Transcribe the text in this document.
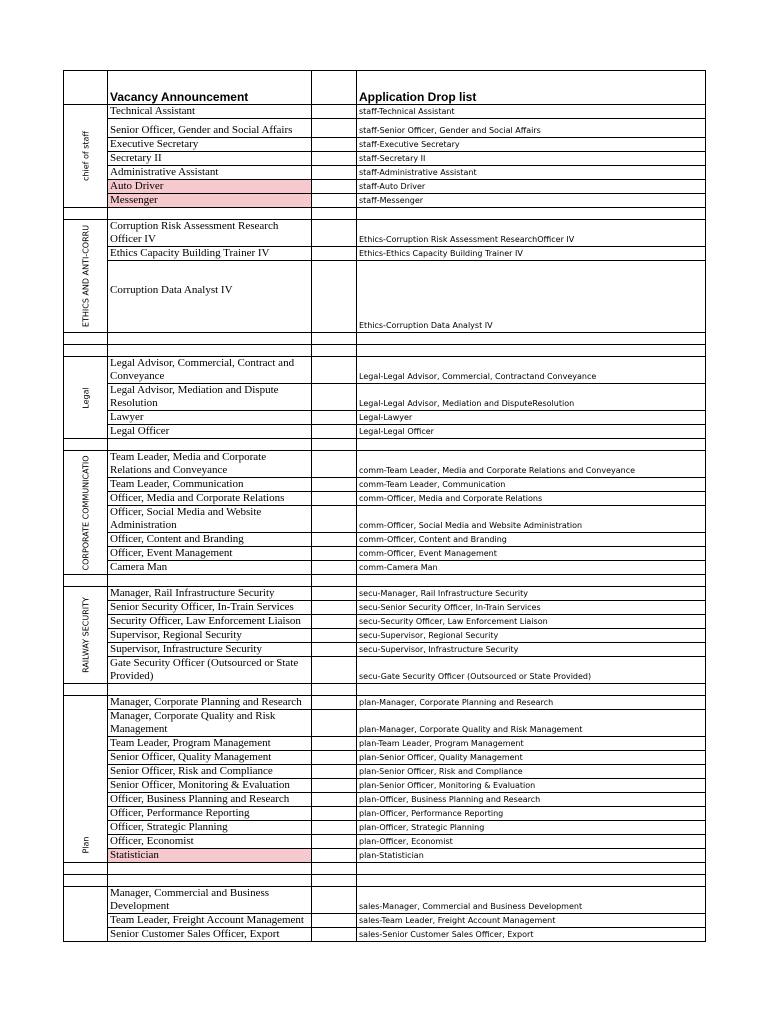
	Vacancy Announcement		Application Drop list

chief of staff	Technical Assistant		staff-Technical Assistant
	Senior Officer, Gender and Social Affairs		staff-Senior Officer, Gender and Social Affairs
	Executive Secretary		staff-Executive Secretary
	Secretary II		staff-Secretary II
	Administrative Assistant		staff-Administrative Assistant
	Auto Driver		staff-Auto Driver
	Messenger		staff-Messenger

ETHICS AND ANTI-CORRU	Corruption Risk Assessment Research Officer IV		Ethics-Corruption Risk Assessment ResearchOfficer IV
	Ethics Capacity Building Trainer IV		Ethics-Ethics Capacity Building Trainer IV
	Corruption Data Analyst IV		Ethics-Corruption Data Analyst IV

Legal	Legal Advisor, Commercial, Contract and Conveyance		Legal-Legal Advisor, Commercial, Contractand Conveyance
	Legal Advisor, Mediation and Dispute Resolution		Legal-Legal Advisor, Mediation and DisputeResolution
	Lawyer		Legal-Lawyer
	Legal Officer		Legal-Legal Officer

CORPORATE COMMUNICATIO	Team Leader, Media and Corporate Relations and Conveyance		comm-Team Leader, Media and Corporate Relations and Conveyance
	Team Leader, Communication		comm-Team Leader, Communication
	Officer, Media and Corporate Relations		comm-Officer, Media and Corporate Relations
	Officer, Social Media and Website Administration		comm-Officer, Social Media and Website Administration
	Officer, Content and Branding		comm-Officer, Content and Branding
	Officer, Event Management		comm-Officer, Event Management
	Camera Man		comm-Camera Man

RAILWAY SECURITY	Manager, Rail Infrastructure Security		secu-Manager, Rail Infrastructure Security
	Senior Security Officer, In-Train Services		secu-Senior Security Officer, In-Train Services
	Security Officer, Law Enforcement Liaison		secu-Security Officer, Law Enforcement Liaison
	Supervisor, Regional Security		secu-Supervisor, Regional Security
	Supervisor, Infrastructure Security		secu-Supervisor, Infrastructure Security
	Gate Security Officer (Outsourced or State Provided)		secu-Gate Security Officer (Outsourced or State Provided)

Plan	Manager, Corporate Planning and Research		plan-Manager, Corporate Planning and Research
	Manager, Corporate Quality and Risk Management		plan-Manager, Corporate Quality and Risk Management
	Team Leader, Program Management		plan-Team Leader, Program Management
	Senior Officer, Quality Management		plan-Senior Officer, Quality Management
	Senior Officer, Risk and Compliance		plan-Senior Officer, Risk and Compliance
	Senior Officer, Monitoring & Evaluation		plan-Senior Officer, Monitoring & Evaluation
	Officer, Business Planning and Research		plan-Officer, Business Planning and Research
	Officer, Performance Reporting		plan-Officer, Performance Reporting
	Officer, Strategic Planning		plan-Officer, Strategic Planning
	Officer, Economist		plan-Officer, Economist
	Statistician		plan-Statistician

	Manager, Commercial and Business Development		sales-Manager, Commercial and Business Development
	Team Leader, Freight Account Management		sales-Team Leader, Freight Account Management
	Senior Customer Sales Officer, Export		sales-Senior Customer Sales Officer, Export
